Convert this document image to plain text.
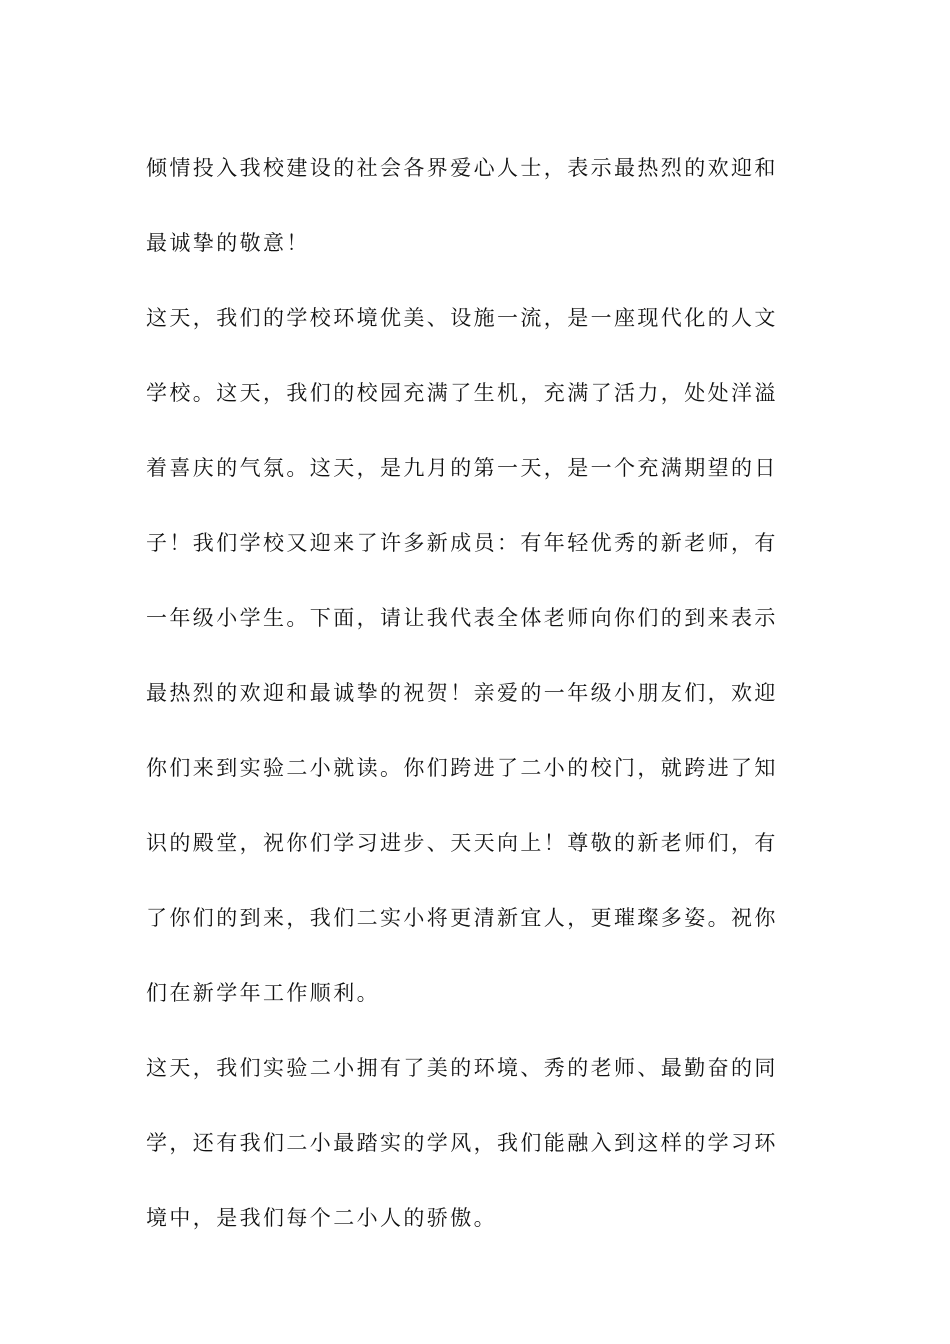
倾情投入我校建设的社会各界爱心人士，表示最热烈的欢迎和
最诚挚的敬意！
这天，我们的学校环境优美、设施一流，是一座现代化的人文
学校。这天，我们的校园充满了生机，充满了活力，处处洋溢
着喜庆的气氛。这天，是九月的第一天，是一个充满期望的日
子！我们学校又迎来了许多新成员：有年轻优秀的新老师，有
一年级小学生。下面，请让我代表全体老师向你们的到来表示
最热烈的欢迎和最诚挚的祝贺！亲爱的一年级小朋友们，欢迎
你们来到实验二小就读。你们跨进了二小的校门，就跨进了知
识的殿堂，祝你们学习进步、天天向上！尊敬的新老师们，有
了你们的到来，我们二实小将更清新宜人，更璀璨多姿。祝你
们在新学年工作顺利。
这天，我们实验二小拥有了美的环境、秀的老师、最勤奋的同
学，还有我们二小最踏实的学风，我们能融入到这样的学习环
境中，是我们每个二小人的骄傲。
